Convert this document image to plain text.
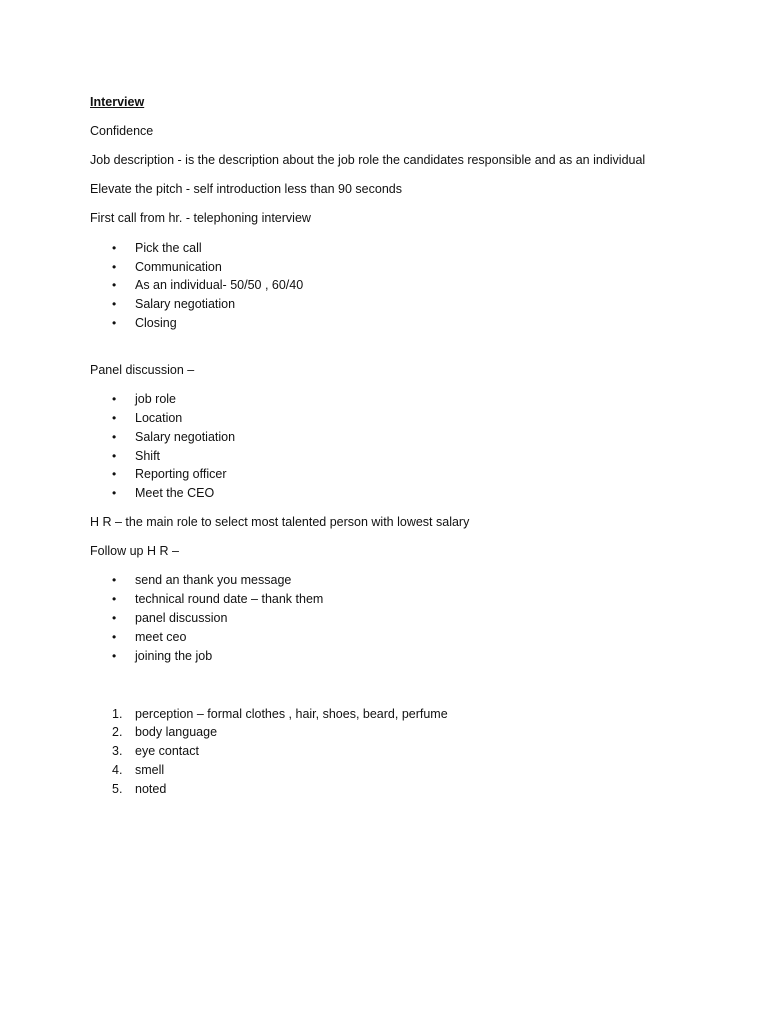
Interview
Confidence
Job description - is the description about the job role the candidates responsible and as an individual
Elevate the pitch - self introduction less than 90 seconds
First call from hr. - telephoning interview
•	Pick the call
•	Communication
•	As an individual- 50/50 , 60/40
•	Salary negotiation
•	Closing
Panel discussion –
•	job role
•	Location
•	Salary negotiation
•	Shift
•	Reporting officer
•	Meet the CEO
H R – the main role to select most talented person with lowest salary
Follow up H R –
•	send an thank you message
•	technical round date – thank them
•	panel discussion
•	meet ceo
•	joining the job
1.	perception – formal clothes , hair, shoes, beard, perfume
2.	body language
3.	eye contact
4.	smell
5.	noted
